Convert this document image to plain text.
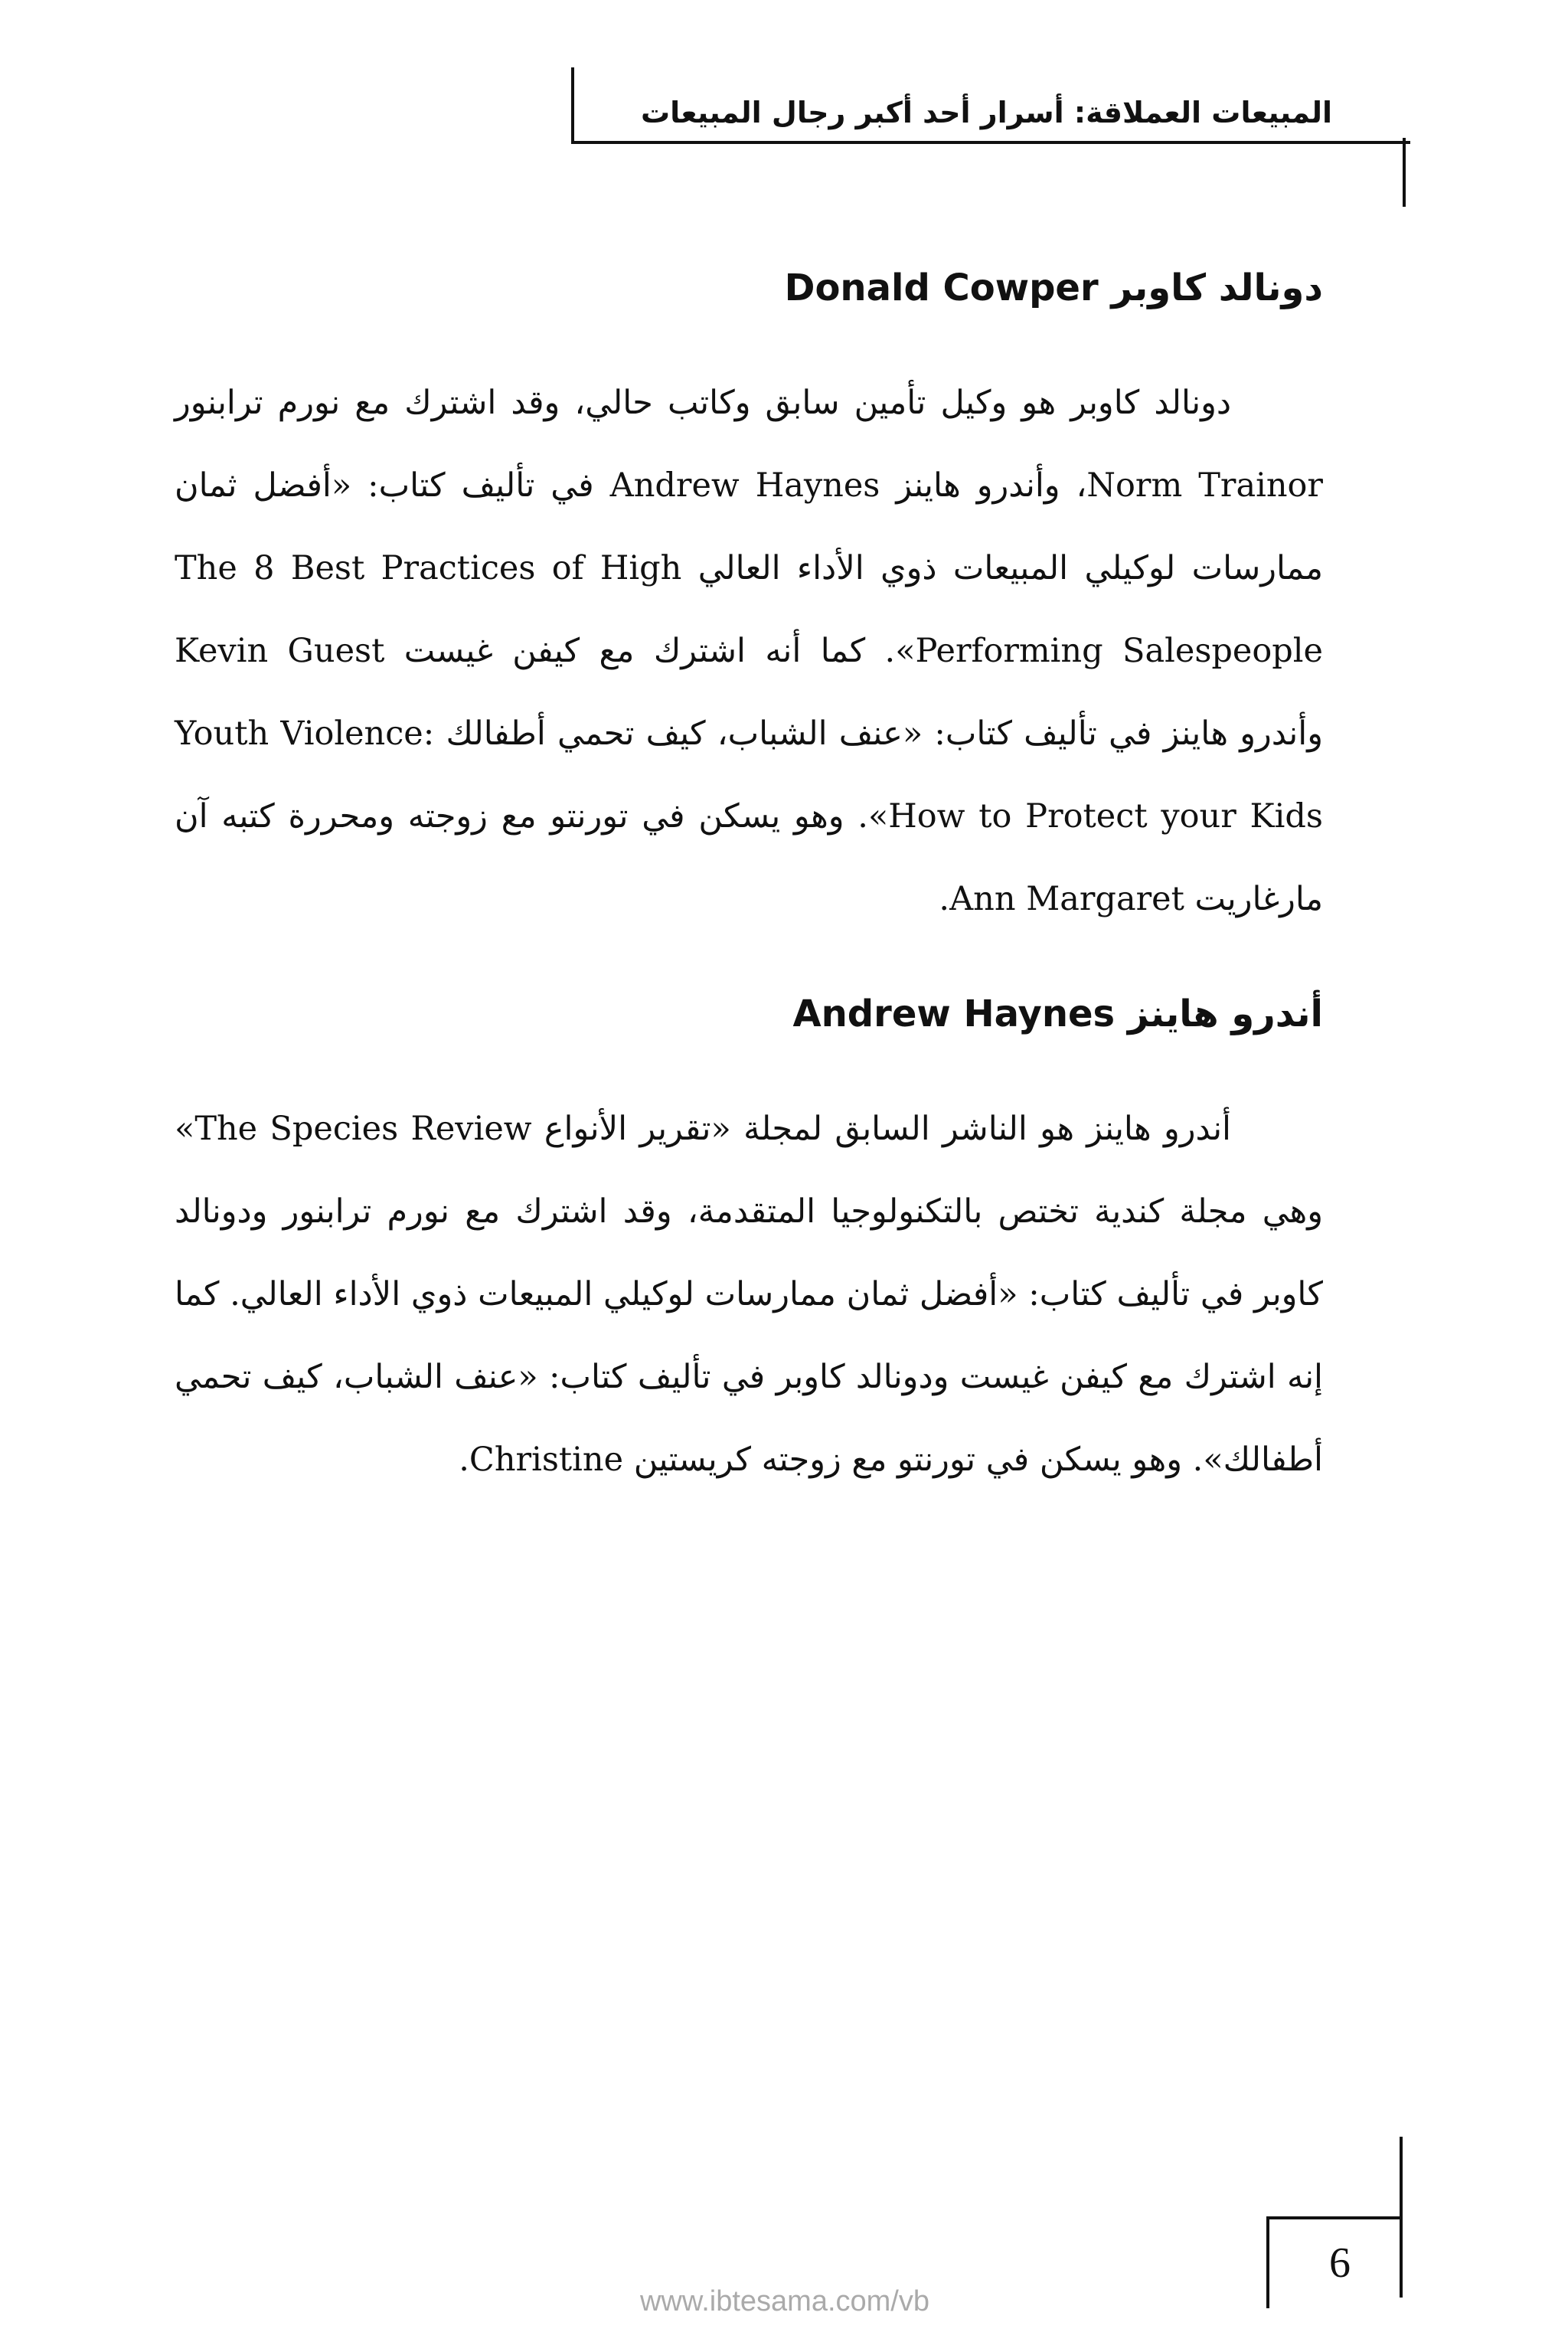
المبيعات العملاقة: أسرار أحد أكبر رجال المبيعات
Donald Cowper دونالد كاوبر

دونالد كاوبر هو وكيل تأمين سابق وكاتب حالي، وقد اشترك مع نورم ترابنور Norm Trainor، وأندرو هاينز Andrew Haynes في تأليف كتاب: «أفضل ثمان ممارسات لوكيلي المبيعات ذوي الأداء العالي The 8 Best Practices of High Performing Salespeople». كما أنه اشترك مع كيفن غيست Kevin Guest وأندرو هاينز في تأليف كتاب: «عنف الشباب، كيف تحمي أطفالك Youth Violence: How to Protect your Kids». وهو يسكن في تورنتو مع زوجته ومحررة كتبه آن مارغاريت Ann Margaret.

Andrew Haynes أندرو هاينز

أندرو هاينز هو الناشر السابق لمجلة «تقرير الأنواع The Species Review» وهي مجلة كندية تختص بالتكنولوجيا المتقدمة، وقد اشترك مع نورم ترابنور ودونالد كاوبر في تأليف كتاب: «أفضل ثمان ممارسات لوكيلي المبيعات ذوي الأداء العالي. كما إنه اشترك مع كيفن غيست ودونالد كاوبر في تأليف كتاب: «عنف الشباب، كيف تحمي أطفالك». وهو يسكن في تورنتو مع زوجته كريستين Christine.

6
www.ibtesama.com/vb
